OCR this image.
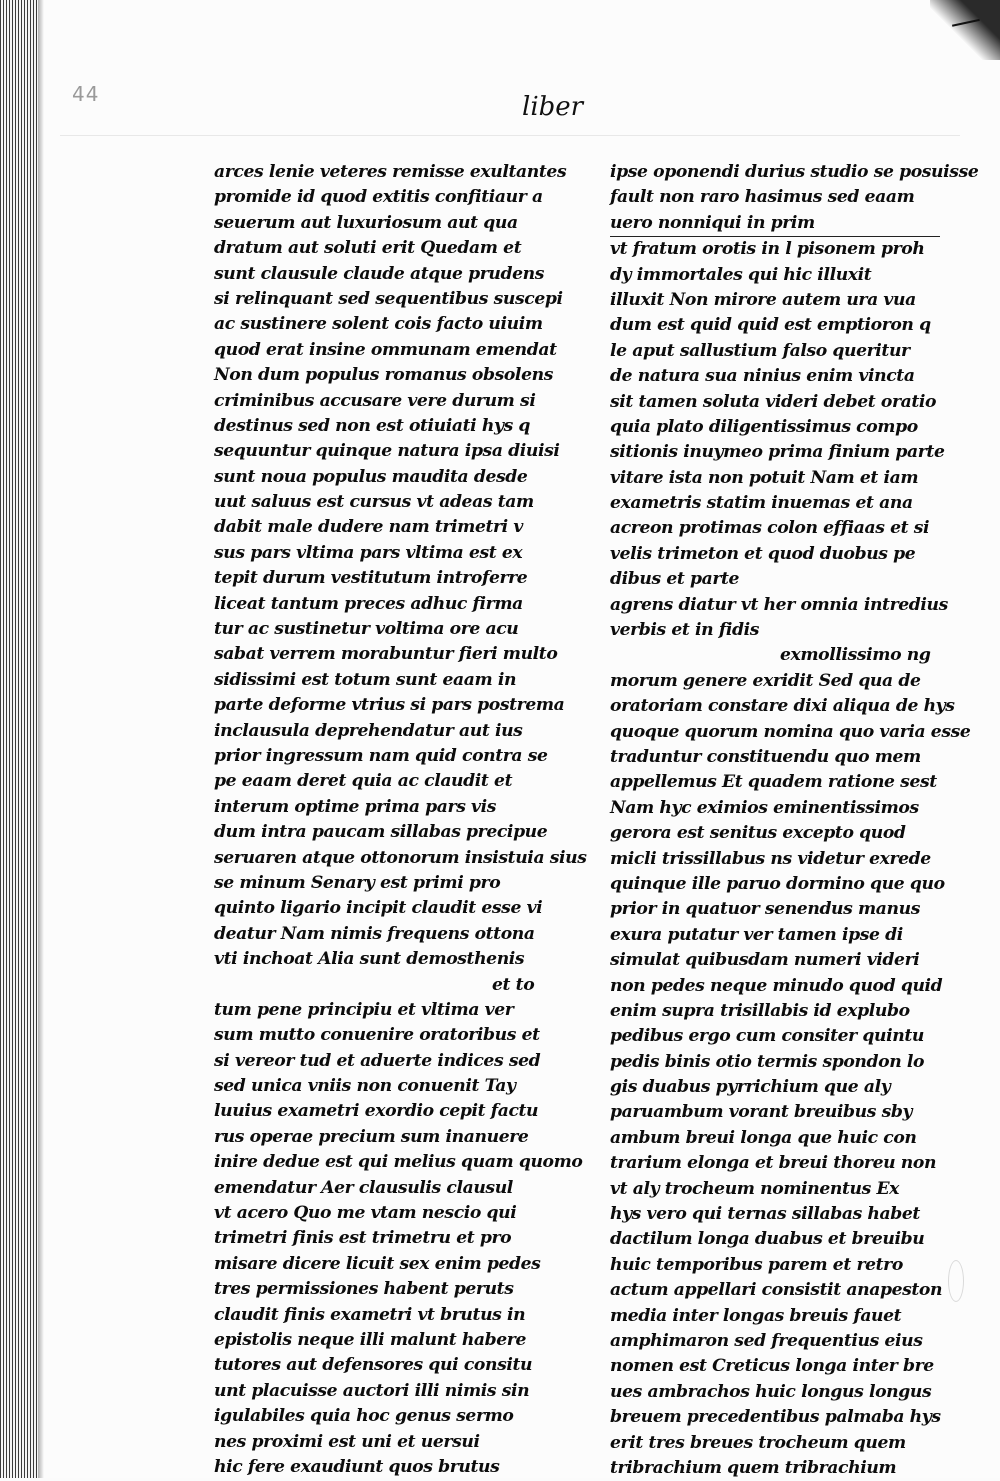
44	liber
arces lenie veteres remisse exultantes
promide id quod extitis confitiaur a
seuerum aut luxuriosum aut qua
dratum aut soluti erit Quedam et
sunt clausule claude atque prudens
si relinquant sed sequentibus suscepi
ac sustinere solent cois facto uiuim
quod erat insine ommunam emendat
Non dum populus romanus obsolens
criminibus accusare vere durum si
destinus sed non est otiuiati hys q
sequuntur quinque natura ipsa diuisi
sunt noua populus maudita desde
uut saluus est cursus vt adeas tam
dabit male dudere nam trimetri v
sus pars vltima pars vltima est ex
tepit durum vestitutum introferre
liceat tantum preces adhuc firma
tur ac sustinetur voltima ore acu
sabat verrem morabuntur fieri multo
sidissimi est totum sunt eaam in
parte deforme vtrius si pars postrema
inclausula deprehendatur aut ius
prior ingressum nam quid contra se
pe eaam deret quia ac claudit et
interum optime prima pars vis
dum intra paucam sillabas precipue
seruaren atque ottonorum insistuia sius
se minum Senary est primi pro
quinto ligario incipit claudit esse vi
deatur Nam nimis frequens ottona
vti inchoat Alia sunt demosthenis
et to
tum pene principiu et vltima ver
sum mutto conuenire oratoribus et
si vereor tud et aduerte indices sed
sed unica vniis non conuenit Tay
luuius exametri exordio cepit factu
rus operae precium sum inanuere
inire dedue est qui melius quam quomo
emendatur Aer clausulis clausul
vt acero Quo me vtam nescio qui
trimetri finis est trimetru et pro
misare dicere licuit sex enim pedes
tres permissiones habent peruts
claudit finis exametri vt brutus in
epistolis neque illi malunt habere
tutores aut defensores qui consitu
unt placuisse auctori illi nimis sin
igulabiles quia hoc genus sermo
nes proximi est uni et uersui
hic fere exaudiunt quos brutus
ipse oponendi durius studio se posuisse
fault non raro hasimus sed eaam
uero nonniqui in prim
vt fratum orotis in l pisonem proh
dy immortales qui hic illuxit
illuxit Non mirore autem ura vua
dum est quid quid est emptioron q
le aput sallustium falso queritur
de natura sua ninius enim vincta
sit tamen soluta videri debet oratio
quia plato diligentissimus compo
sitionis inuymeo prima finium parte
vitare ista non potuit Nam et iam
exametris statim inuemas et ana
acreon protimas colon effiaas et si
velis trimeton et quod duobus pe
dibus et parte
agrens diatur vt her omnia intredius
verbis et in fidis
exmollissimo ng
morum genere exridit Sed qua de
oratoriam constare dixi aliqua de hys
quoque quorum nomina quo varia esse
traduntur constituendu quo mem
appellemus Et quadem ratione sest
Nam hyc eximios eminentissimos
gerora est senitus excepto quod
micli trissillabus ns videtur exrede
quinque ille paruo dormino que quo
prior in quatuor senendus manus
exura putatur ver tamen ipse di
simulat quibusdam numeri videri
non pedes neque minudo quod quid
enim supra trisillabis id explubo
pedibus ergo cum consiter quintu
pedis binis otio termis spondon lo
gis duabus pyrrichium que aly
paruambum vorant breuibus sby
ambum breui longa que huic con
trarium elonga et breui thoreu non
vt aly trocheum nominentus Ex
hys vero qui ternas sillabas habet
dactilum longa duabus et breuibu
huic temporibus parem et retro
actum appellari consistit anapeston
media inter longas breuis fauet
amphimaron sed frequentius eius
nomen est Creticus longa inter bre
ues ambrachos huic longus longus
breuem precedentibus palmaba hys
erit tres breues trocheum quem
tribrachium quem tribrachium
